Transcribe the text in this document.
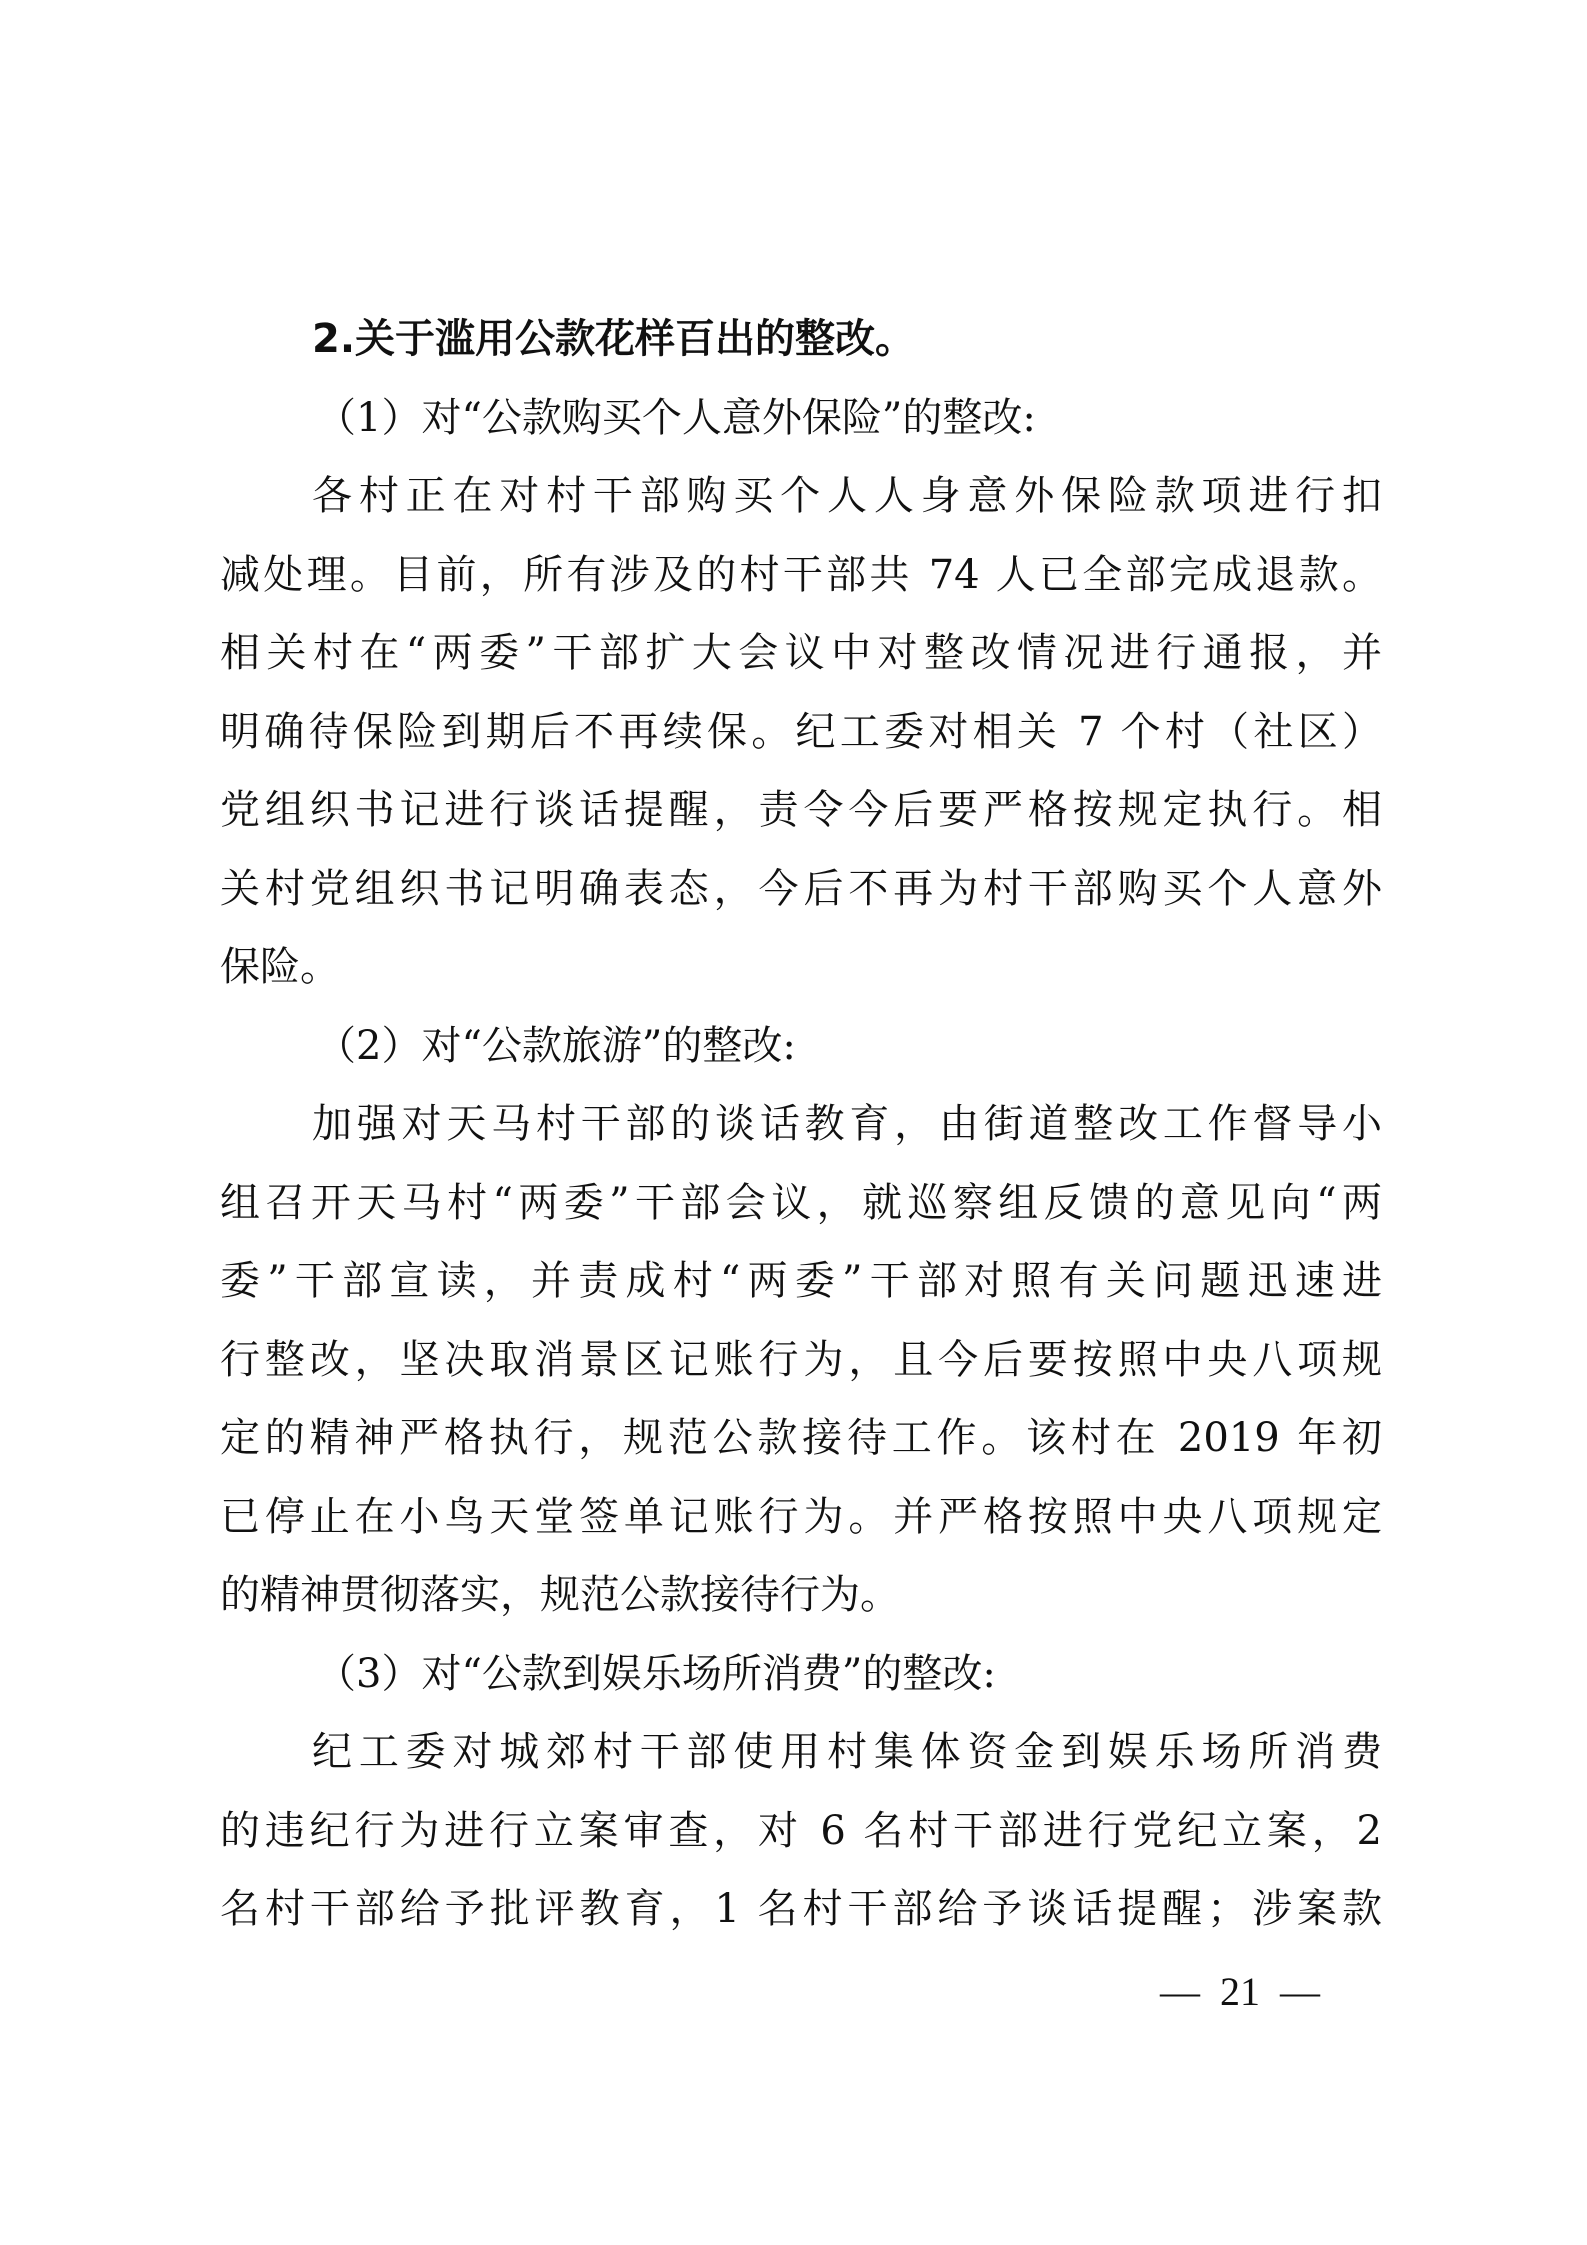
2.关于滥用公款花样百出的整改。
（1）对“公款购买个人意外保险”的整改:
各村正在对村干部购买个人人身意外保险款项进行扣
减处理。目前，所有涉及的村干部共 74 人已全部完成退款。
相关村在“两委”干部扩大会议中对整改情况进行通报，并
明确待保险到期后不再续保。纪工委对相关 7 个村（社区）
党组织书记进行谈话提醒，责令今后要严格按规定执行。相
关村党组织书记明确表态，今后不再为村干部购买个人意外
保险。
（2）对“公款旅游”的整改:
加强对天马村干部的谈话教育，由街道整改工作督导小
组召开天马村“两委”干部会议，就巡察组反馈的意见向“两
委”干部宣读，并责成村“两委”干部对照有关问题迅速进
行整改，坚决取消景区记账行为，且今后要按照中央八项规
定的精神严格执行，规范公款接待工作。该村在 2019 年初
已停止在小鸟天堂签单记账行为。并严格按照中央八项规定
的精神贯彻落实，规范公款接待行为。
（3）对“公款到娱乐场所消费”的整改:
纪工委对城郊村干部使用村集体资金到娱乐场所消费
的违纪行为进行立案审查，对 6 名村干部进行党纪立案，2
名村干部给予批评教育，1 名村干部给予谈话提醒；涉案款
—  21  —
